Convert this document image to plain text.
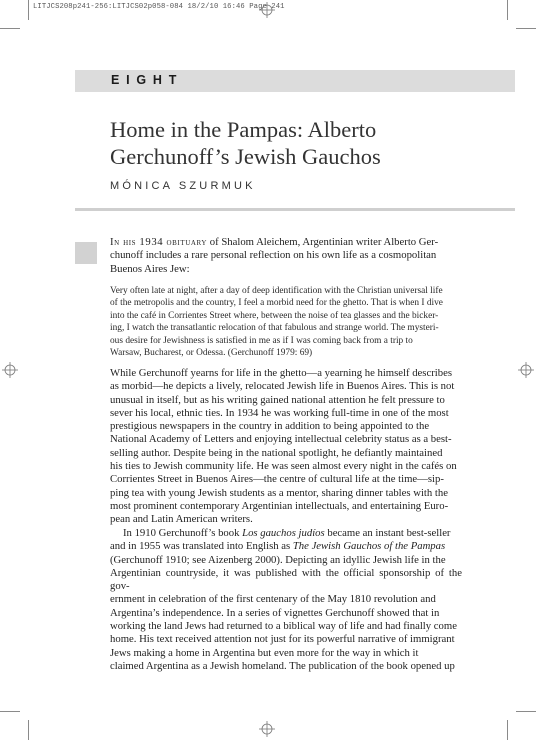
LITJCS208p241-256:LITJCS02p058-084 18/2/10 16:46 Page 241
EIGHT
Home in the Pampas: Alberto
Gerchunoff’s Jewish Gauchos
MÓNICA SZURMUK

In his 1934 obituary of Shalom Aleichem, Argentinian writer Alberto Ger-
chunoff includes a rare personal reflection on his own life as a cosmopolitan
Buenos Aires Jew:

Very often late at night, after a day of deep identification with the Christian universal life
of the metropolis and the country, I feel a morbid need for the ghetto. That is when I dive
into the café in Corrientes Street where, between the noise of tea glasses and the bicker-
ing, I watch the transatlantic relocation of that fabulous and strange world. The mysteri-
ous desire for Jewishness is satisfied in me as if I was coming back from a trip to
Warsaw, Bucharest, or Odessa. (Gerchunoff 1979: 69)

While Gerchunoff yearns for life in the ghetto—a yearning he himself describes
as morbid—he depicts a lively, relocated Jewish life in Buenos Aires. This is not
unusual in itself, but as his writing gained national attention he felt pressure to
sever his local, ethnic ties. In 1934 he was working full-time in one of the most
prestigious newspapers in the country in addition to being appointed to the
National Academy of Letters and enjoying intellectual celebrity status as a best-
selling author. Despite being in the national spotlight, he defiantly maintained
his ties to Jewish community life. He was seen almost every night in the cafés on
Corrientes Street in Buenos Aires—the centre of cultural life at the time—sip-
ping tea with young Jewish students as a mentor, sharing dinner tables with the
most prominent contemporary Argentinian intellectuals, and entertaining Euro-
pean and Latin American writers.

In 1910 Gerchunoff’s book Los gauchos judíos became an instant best-seller
and in 1955 was translated into English as The Jewish Gauchos of the Pampas
(Gerchunoff 1910; see Aizenberg 2000). Depicting an idyllic Jewish life in the
Argentinian countryside, it was published with the official sponsorship of the gov-
ernment in celebration of the first centenary of the May 1810 revolution and
Argentina’s independence. In a series of vignettes Gerchunoff showed that in
working the land Jews had returned to a biblical way of life and had finally come
home. His text received attention not just for its powerful narrative of immigrant
Jews making a home in Argentina but even more for the way in which it
claimed Argentina as a Jewish homeland. The publication of the book opened up
